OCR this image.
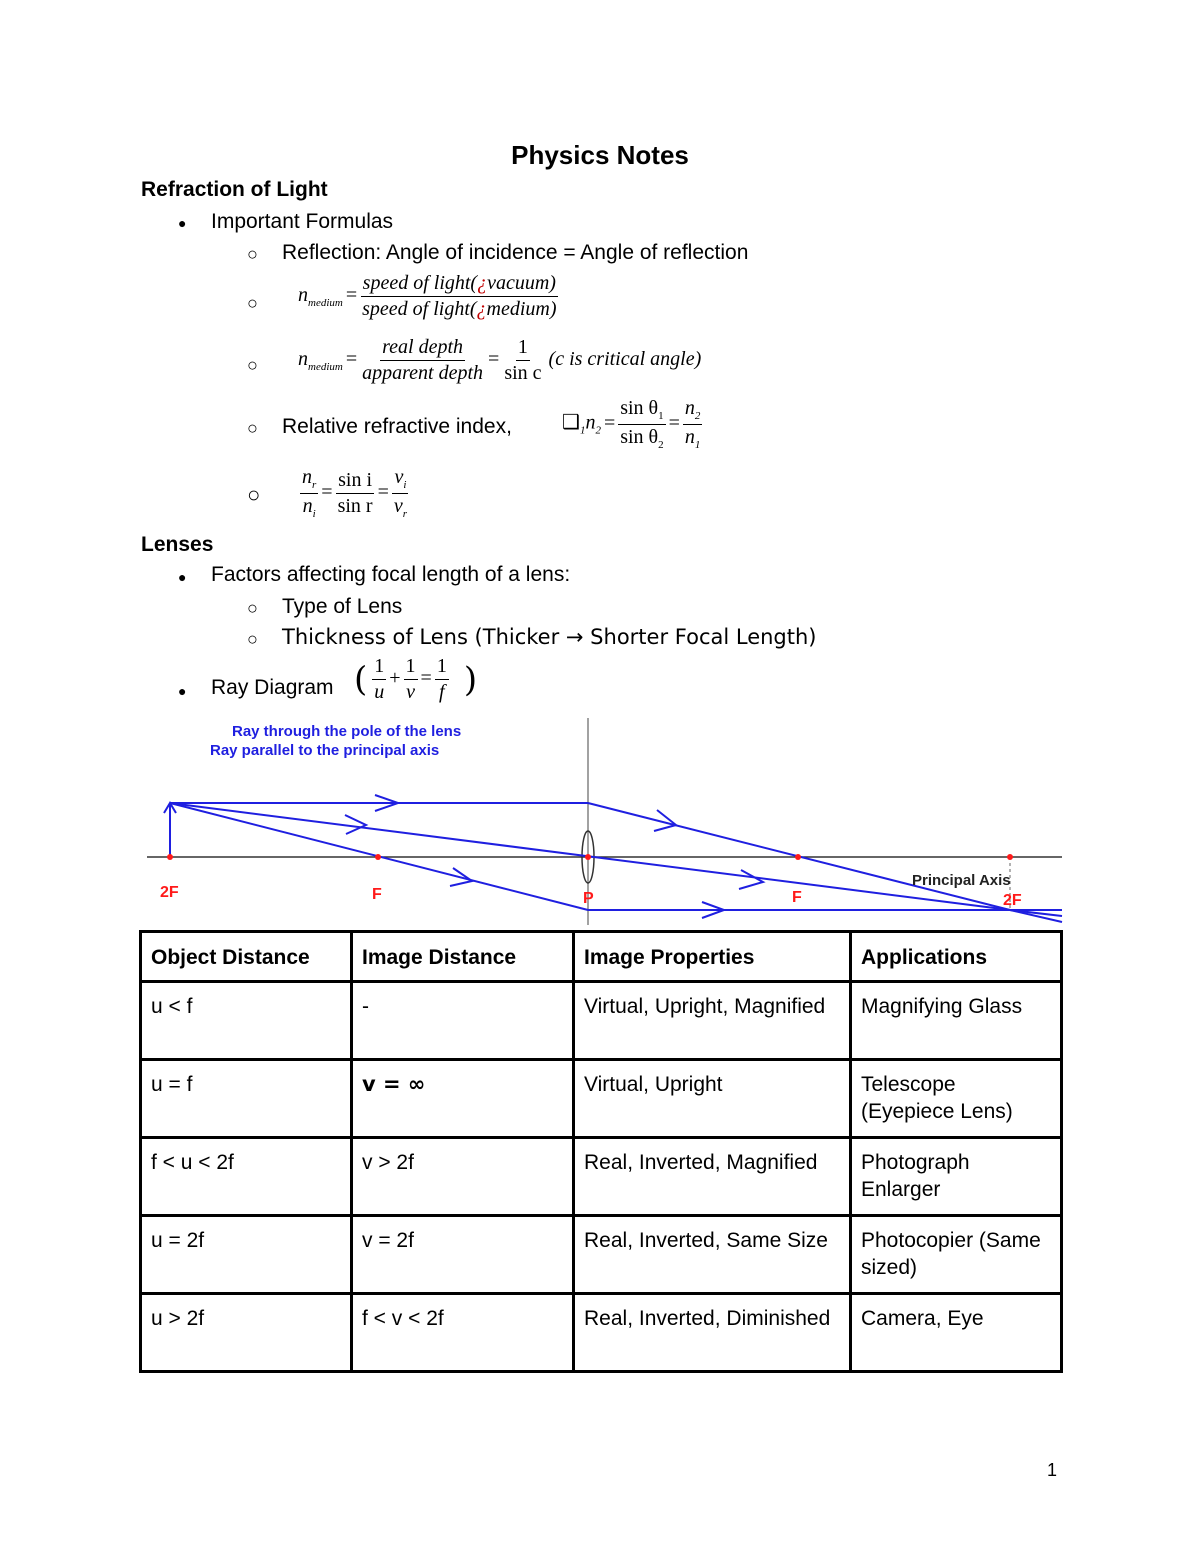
Physics Notes
Refraction of Light
● Important Formulas
○ Reflection: Angle of incidence = Angle of reflection
○ $n_{medium} = \frac{\text{speed of light(¿vacuum)}}{\text{speed of light(¿medium)}}$
○ $n_{medium} = \frac{\text{real depth}}{\text{apparent depth}} = \frac{1}{\text{sin c}} (c$ is critical angle)
○ Relative refractive index,	$❑_1n_2 = \frac{\sin \theta_1}{\sin \theta_2} = \frac{n_2}{n_1}$
○ $\frac{n_r}{n_i} = \frac{\text{sin i}}{\text{sin r}} = \frac{v_i}{v_r}$
Lenses
● Factors affecting focal length of a lens:
○ Type of Lens
○ Thickness of Lens (Thicker → Shorter Focal Length)
● Ray Diagram ( $\frac{1}{u} + \frac{1}{v} = \frac{1}{f}$ )
Ray through the pole of the lens
Ray parallel to the principal axis
2F	F	P	F	2F
Principal Axis
Object Distance	Image Distance	Image Properties	Applications
u < f	-	Virtual, Upright, Magnified	Magnifying Glass
u = f	v = ∞	Virtual, Upright	Telescope (Eyepiece Lens)
f < u < 2f	v > 2f	Real, Inverted, Magnified	Photograph Enlarger
u = 2f	v = 2f	Real, Inverted, Same Size	Photocopier (Same sized)
u > 2f	f < v < 2f	Real, Inverted, Diminished	Camera, Eye
1
